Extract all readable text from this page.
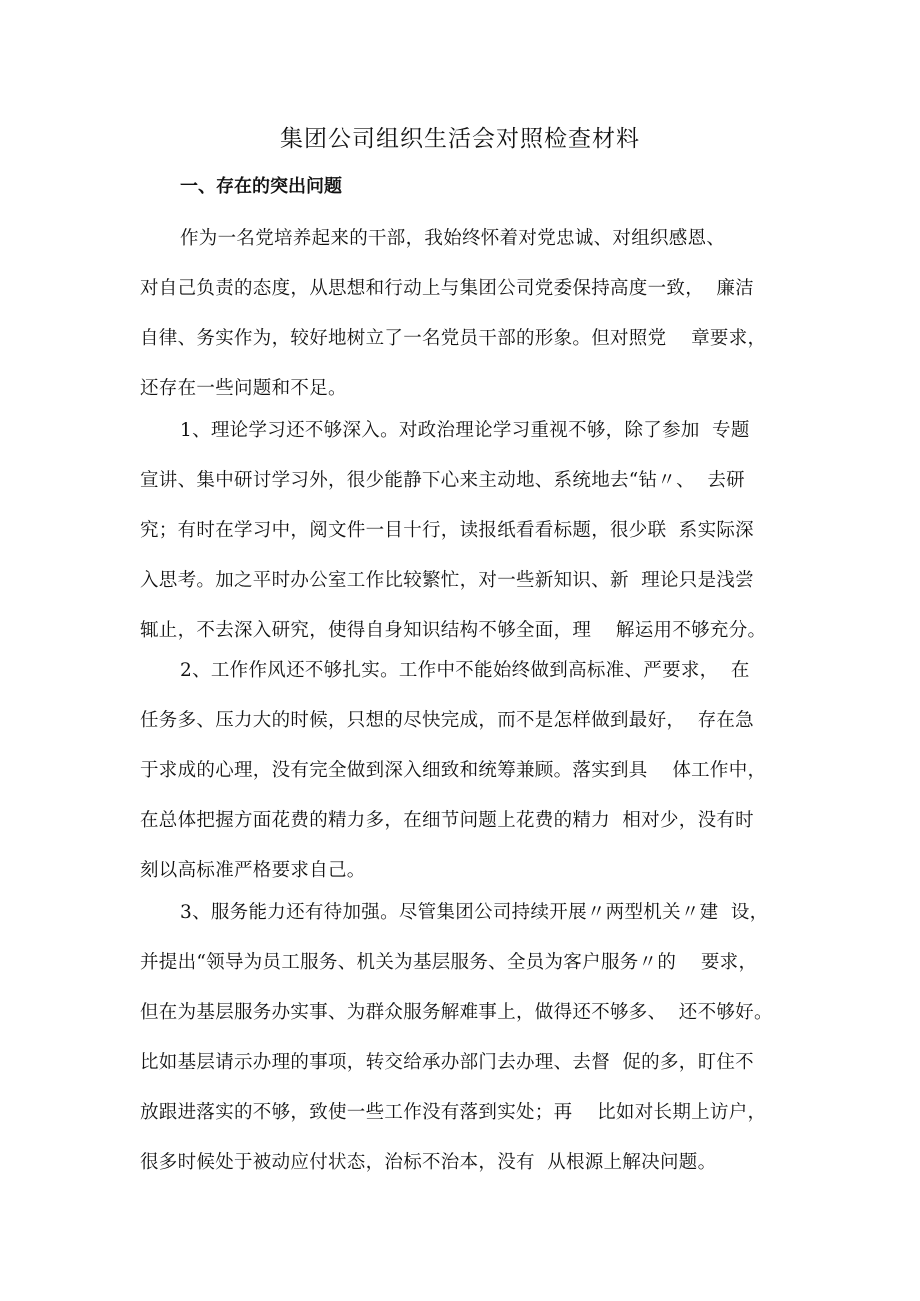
集团公司组织生活会对照检查材料
一、存在的突出问题
作为一名党培养起来的干部，我始终怀着对党忠诚、对组织感恩、
对自己负责的态度，从思想和行动上与集团公司党委保持高度一致，  廉洁
自律、务实作为，较好地树立了一名党员干部的形象。但对照党    章要求，
还存在一些问题和不足。
1、理论学习还不够深入。对政治理论学习重视不够，除了参加  专题
宣讲、集中研讨学习外，很少能静下心来主动地、系统地去“钻〃、  去研
究；有时在学习中，阅文件一目十行，读报纸看看标题，很少联  系实际深
入思考。加之平时办公室工作比较繁忙，对一些新知识、新  理论只是浅尝
辄止，不去深入研究，使得自身知识结构不够全面，理    解运用不够充分。
2、工作作风还不够扎实。工作中不能始终做到高标准、严要求，  在
任务多、压力大的时候，只想的尽快完成，而不是怎样做到最好，  存在急
于求成的心理，没有完全做到深入细致和统筹兼顾。落实到具    体工作中，
在总体把握方面花费的精力多，在细节问题上花费的精力  相对少，没有时
刻以高标准严格要求自己。
3、服务能力还有待加强。尽管集团公司持续开展〃两型机关〃建  设，
并提出“领导为员工服务、机关为基层服务、全员为客户服务〃的    要求，
但在为基层服务办实事、为群众服务解难事上，做得还不够多、  还不够好。
比如基层请示办理的事项，转交给承办部门去办理、去督  促的多，盯住不
放跟进落实的不够，致使一些工作没有落到实处；再    比如对长期上访户，
很多时候处于被动应付状态，治标不治本，没有  从根源上解决问题。
